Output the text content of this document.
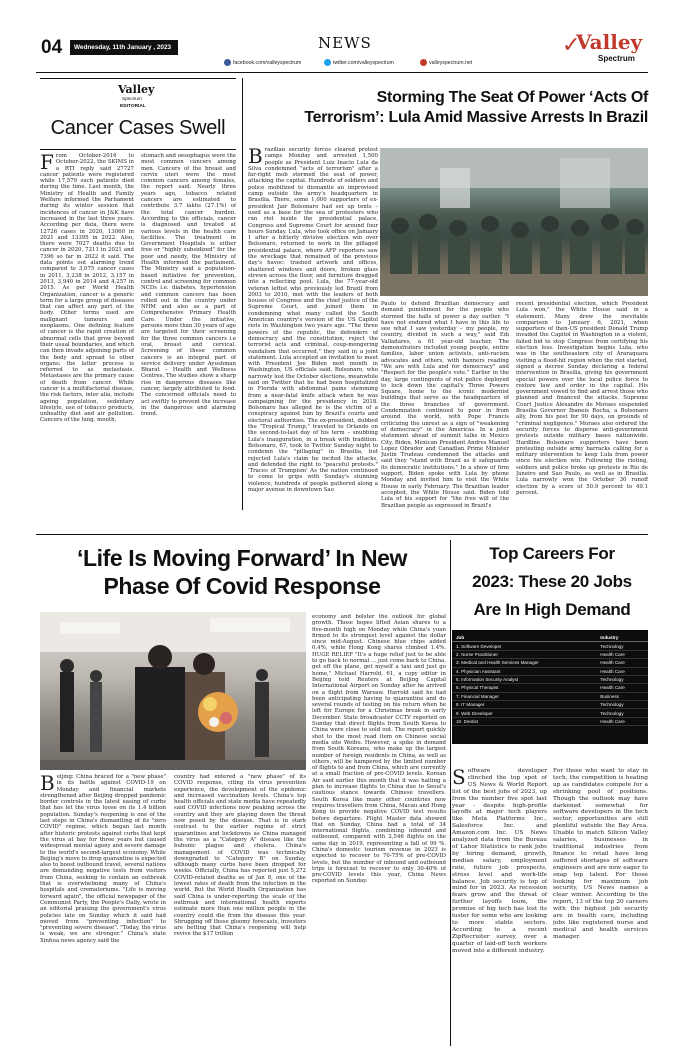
04	Wednesday, 11th January , 2023	NEWS
facebook.com/valleyspectrum	twitter.com/valleyspectrum	valleyspectrum.net
✓
Valley
Spectrum
Valley
Spectrum
EDITORIAL
Cancer Cases Swell
From October-2016 to October-2022, the SKIMS in a RTI reply said 27727 cancer patients were registered while 17,579 such patients died during the time. Last month, the Ministry of Health and Family Welfare informed the Parliament during its winter session that incidences of cancer in J&K have increased in the last three years. According per data, there were 12726 cases in 2020, 13060 in 2021 and 13395 in 2022. Also, there were 7027 deaths due to cancer in 2020, 7211 in 2021 and 7396 so far in 2022 it said. The data points out alarming trend compared to 3,075 cancer cases in 2011, 3,238 in 2012, 3,157 in 2013, 3,940 in 2014 and 4,257 in 2015. As per World Health Organization, cancer is a generic term for a large group of diseases that can affect any part of the body. Other terms used are malignant tumours and neoplasms. One defining feature of cancer is the rapid creation of abnormal cells that grow beyond their usual boundaries, and which can then invade adjoining parts of the body and spread to other organs; the latter process is referred to as metastasis. Metastases are the primary cause of death from cancer. While cancer is a multifactorial disease, the risk factors, inter alia, include ageing population, sedentary lifestyle, use of tobacco products, unhealthy diet and air pollution. Cancers of the lung, mouth,
stomach and oesophagus were the most common cancers among men. Cancers of the breast and cervix uteri were the most common cancers among females, the report said. Nearly three years ago, tobacco related cancers are estimated to contribute 3.7 lakhs (27.1%) of the total cancer burden. According to the officials, cancer is diagnosed and treated at various levels in the health care facilities. The treatment in Government Hospitals is either free or "highly subsidized" for the poor and needy, the Ministry of Health informed the parliament. The Ministry said a population-based initiative for prevention, control and screening for common NCDs i.e. diabetes, hypertension and common cancers has been rolled out in the country under NHM and also as a part of Comprehensive Primary Health Care. Under the initiative, persons more than 30 years of age are targeted for their screening for the three common cancers i.e oral, breast and cervical. Screening of these common cancers is an integral part of service delivery under Ayushman Bharat – Health and Wellness Centres. The studies show a sharp rise in dangerous diseases like cancer, largely attributed to food. The concerned officials need to act swiftly to prevent the increase in the dangerous and alarming trend.
Storming The Seat Of Power ‘Acts Of
Terrorism’: Lula Amid Massive Arrests In Brazil
Brazilian security forces cleared protest camps Monday and arrested 1,500 people as President Luiz Inacio Lula da Silva condemned "acts of terrorism" after a far-right mob stormed the seat of power, attacking the capital. Hundreds of soldiers and police mobilized to dismantle an improvised camp outside the army's headquarters in Brasilia. There, some 1,000 supporters of ex-president Jair Bolsonaro had set up tents – used as a base for the sea of protesters who ran riot inside the presidential palace, Congress and Supreme Court for around four hours Sunday. Lula, who took office on January 1 after a bitterly divisive election win over Bolsonaro, returned to work in the pillaged presidential palace, where AFP reporters saw the wreckage that remained of the previous day's havoc: trashed artwork and offices, shattered windows and doors, broken glass strewn across the floor, and furniture dragged into a reflecting pool. Lula, the 77-year-old veteran leftist who previously led Brazil from 2003 to 2010, met with the leaders of both houses of Congress and the chief justice of the Supreme Court, and joined them in condemning what many called the South American country's version of the US Capitol riots in Washington two years ago. "The three powers of the republic, the defenders of democracy and the constitution, reject the terrorist acts and criminal, coup-mongering vandalism that occurred," they said in a joint statement. Lula accepted an invitation to meet with President Joe Biden next month in Washington, US officials said. Bolsonaro, who narrowly lost the October elections, meanwhile said on Twitter that he had been hospitalized in Florida with abdominal pains stemming from a near-fatal knife attack when he was campaigning for the presidency in 2018. Bolsonaro has alleged he is the victim of a conspiracy against him by Brazil's courts and electoral authorities. The ex-president, dubbed the "Tropical Trump," traveled to Orlando on the second-to-last day of his term – snubbing Lula's inauguration, in a break with tradition. Bolsonaro, 67, took to Twitter Sunday night to condemn the "pillaging" in Brasilia, but rejected Lula's claim he incited the attacks, and defended the right to "peaceful protests." 'Traces of Trumpism' As the nation continued to come to grips with Sunday's stunning violence, hundreds of people gathered along a major avenue in downtown Sao
Paulo to defend Brazilian democracy and demand punishment for the people who stormed the halls of power a day earlier. "I have not endured what I have in this life to see what I saw yesterday – my people, my country, divided in such a way," said Edi Valladares, a 61 year-old teacher. The demonstrators included young people, entire families, labor union activists, anti-racism advocates and others, with banners reading "We are with Lula and for democracy" and "Respect for the people's vote." Earlier in the day, large contingents of riot police deployed to lock down the capital's Three Powers Square, home to the iconic modernist buildings that serve as the headquarters of the three branches of government. Condemnation continued to pour in from around the world, with Pope Francis criticizing the unrest as a sign of "weakening of democracy" in the Americas. In a joint statement ahead of summit talks in Mexico City, Biden, Mexican President Andres Manuel Lopez Obrador and Canadian Prime Minister Justin Trudeau condemned the attacks and said they "stand with Brazil as it safeguards its democratic institutions." In a show of firm support, Biden spoke with Lula by phone Monday and invited him to visit the White House in early February. The Brazilian leader accepted, the White House said. Biden told Lula of his support for "the free will of the Brazilian people as expressed in Brazil's
recent presidential election, which President Lula won," the White House said in a statement. Many drew the inevitable comparison to January 6, 2021, when supporters of then-US president Donald Trump invaded the Capitol in Washington in a violent, failed bid to stop Congress from certifying his election loss. Investigation begins Lula, who was in the southeastern city of Araraquara visiting a flood-hit region when the riot started, signed a decree Sunday declaring a federal intervention in Brasilia, giving his government special powers over the local police force to restore law and order in the capital. His government vowed to find and arrest those who planned and financed the attacks. Supreme Court Justice Alexandre de Moraes suspended Brasilia Governor Ibaneis Rocha, a Bolsonaro ally, from his post for 90 days, on grounds of "criminal negligence." Moraes also ordered the security forces to disperse anti-government protests outside military bases nationwide. Hardline Bolsonaro supporters have been protesting outside army barracks calling for a military intervention to keep Lula from power since his election win. Following the rioting, soldiers and police broke up protests in Rio de Janeiro and Sao Paulo, as well as in Brasilia. Lula narrowly won the October 30 runoff election by a score of 50.9 percent to 49.1 percent.
‘Life Is Moving Forward’ In New
Phase Of Covid Response
Beijing: China braced for a "new phase" in its battle against COVID-19 on Monday and financial markets strengthened after Beijing dropped pandemic border controls in the latest easing of curbs that has let the virus loose on its 1.4 billion population. Sunday's reopening is one of the last steps in China's dismantling of its "zero COVID" regime, which began last month after historic protests against curbs that kept the virus at bay for three years but caused widespread mental agony and severe damage to the world's second-largest economy. While Beijing's move to drop quarantine is expected also to boost outbound travel, several nations are demanding negative tests from visitors from China, seeking to contain an outbreak that is overwhelming many of China's hospitals and crematoriums. "Life is moving forward again", the official newspaper of the Communist Party, the People's Daily, wrote in an editorial praising the government's virus policies late on Sunday which it said had moved from "preventing infection" to "preventing severe disease". "Today, the virus is weak, we are stronger." China's state Xinhua news agency said the
country had entered a "new phase" of its COVID response, citing its virus prevention experience, the development of the epidemic and increased vaccination levels. China's top health officials and state media have repeatedly said COVID infections now peaking across the country and they are playing down the threat now posed by the disease. That is in stark contrast to the earlier regime of strict quarantines and lockdowns as China managed the virus as a "Category A" disease like the bubonic plague and cholera. China's management of COVID was technically downgraded to "Category B" on Sunday, although many curbs have been dropped for weeks. Officially, China has reported just 5,272 COVID-related deaths as of Jan 8, one of the lowest rates of death from the infection in the world. But the World Health Organization has said China is under-reporting the scale of the outbreak and international health experts estimate more than one million people in the country could die from the disease this year. Shrugging off those gloomy forecasts, investors are betting that China's reopening will help revive the $17 trillion
economy and bolster the outlook for global growth. Those hopes lifted Asian shares to a five-month high on Monday while China's yuan firmed to its strongest level against the dollar since mid-August. Chinese blue chips added 0.4%, while Hong Kong shares climbed 1.4%. HUGE RELIEF "It's a huge relief just to be able to go back to normal ... just come back to China, get off the plane, get myself a taxi and just go home," Michael Harrold, 61, a copy editor in Beijing told Reuters at Beijing Capital International Airport on Sunday after he arrived on a flight from Warsaw. Harrold said he had been anticipating having to quarantine and do several rounds of testing on his return when he left for Europe for a Christmas break in early December. State broadcaster CCTV reported on Sunday that direct flights from South Korea to China were close to sold out. The report quickly shot to the most read item on Chinese social media site Weibo. However, a spike in demand from South Koreans, who make up the largest number of foreign residents in China, as well as others, will be hampered by the limited number of flights to and from China, which are currently at a small fraction of pre-COVID levels. Korean Air said earlier this month that it was halting a plan to increase flights to China due to Seoul's cautious stance towards Chinese travellers. South Korea like many other countries now requires travellers from China, Macau and Hong Kong to provide negative COVID test results before departure. Flight Master data showed that on Sunday, China had a total of 34 international flights, combining inbound and outbound, compared with 2,546 flights on the same day in 2019, representing a fall of 99 %. China's domestic tourism revenue in 2023 is expected to recover to 70-75% of pre-COVID levels, but the number of inbound and outbound trips is forecast to recover to only 30-40% of pre-COVID levels this year, China News reported on Sunday.
Top Careers For
2023: These 20 Jobs
Are In High Demand
Job	Industry
1. Software Developer	Technology
2. Nurse Practitioner	Health Care
3. Medical and Health Services Manager	Health Care
4. Physician Assistant	Health Care
5. Information Security Analyst	Technology
6. Physical Therapist	Health Care
7. Financial Manager	Business
8. IT Manager	Technology
9. Web Developer	Technology
10. Dentist	Health Care
Software developer clinched the top spot of US News & World Report list of the best jobs of 2023, up from the number five spot last year - despite high-profile layoffs at major tech players like Meta Platforms Inc., Salesforce Inc. and Amazon.com Inc. US News analyzed data from the Bureau of Labor Statistics to rank jobs by hiring demand, growth, median salary, employment rate, future job prospects, stress level and work-life balance. Job security is top of mind for in 2023. As recession fears grow and the threat of further layoffs loom, the promise of big tech has lost its luster for some who are looking to more stable sectors. According to a recent ZipRecruiter survey, over a quarter of laid-off tech workers moved into a different industry.
For those who want to stay in tech, the competition is heating up as candidates compete for a shrinking pool of positions. Though the outlook may have darkened somewhat for software developers in the tech sector, opportunities are still plentiful outside the Bay Area. Unable to match Silicon Valley salaries, businesses in traditional industries from finance to retail have long suffered shortages of software engineers and are now eager to snap top talent. For those looking for maximum job security, US News names a clear winner. According to the report, 13 of the top 20 careers with the highest job security are in health care, including jobs like registered nurse and medical and health services manager.
